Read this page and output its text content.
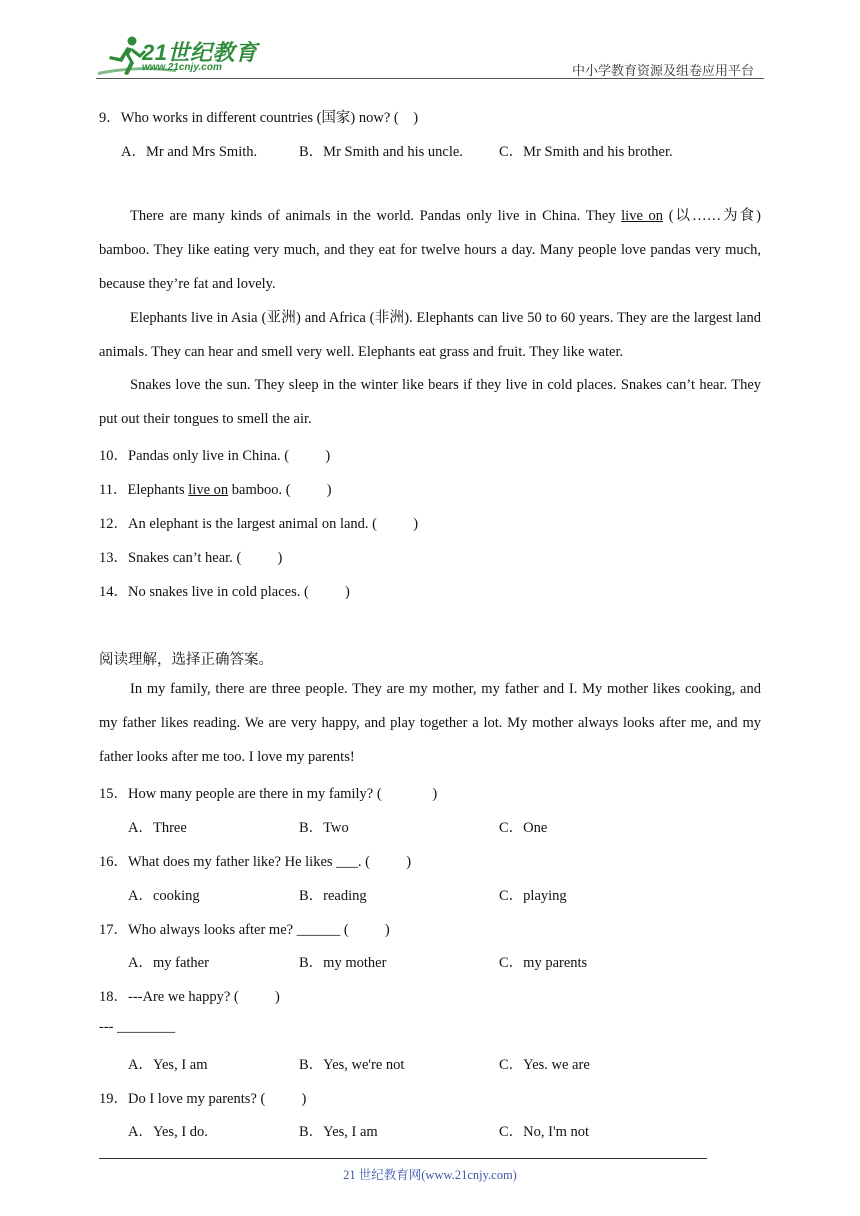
21世纪教育
www.21cnjy.com	中小学教育资源及组卷应用平台
9．Who works in different countries (国家) now? (    )
A．Mr and Mrs Smith.	B．Mr Smith and his uncle. C．Mr Smith and his brother.
There are many kinds of animals in the world. Pandas only live in China. They live on (以……为食) bamboo. They like eating very much, and they eat for twelve hours a day. Many people love pandas very much, because they’re fat and lovely.
Elephants live in Asia (亚洲) and Africa (非洲). Elephants can live 50 to 60 years. They are the largest land animals. They can hear and smell very well. Elephants eat grass and fruit. They like water.
Snakes love the sun. They sleep in the winter like bears if they live in cold places. Snakes can’t hear. They put out their tongues to smell the air.
10．Pandas only live in China. (          )
11．Elephants live on bamboo. (          )
12．An elephant is the largest animal on land. (          )
13．Snakes can’t hear. (          )
14．No snakes live in cold places. (          )
阅读理解，选择正确答案。
In my family, there are three people. They are my mother, my father and I. My mother likes cooking, and my father likes reading. We are very happy, and play together a lot. My mother always looks after me, and my father looks after me too. I love my parents!
15．How many people are there in my family? (              )
A．Three	B．Two	C．One
16．What does my father like? He likes ___. (          )
A．cooking	B．reading	C．playing
17．Who always looks after me? ______ (          )
A．my father	B．my mother	C．my parents
18．---Are we happy? (          )
--- ________
A．Yes, I am	B．Yes, we're not	C．Yes. we are
19．Do I love my parents? (          )
A．Yes, I do.	B．Yes, I am	C．No, I'm not
21 世纪教育网(www.21cnjy.com)
